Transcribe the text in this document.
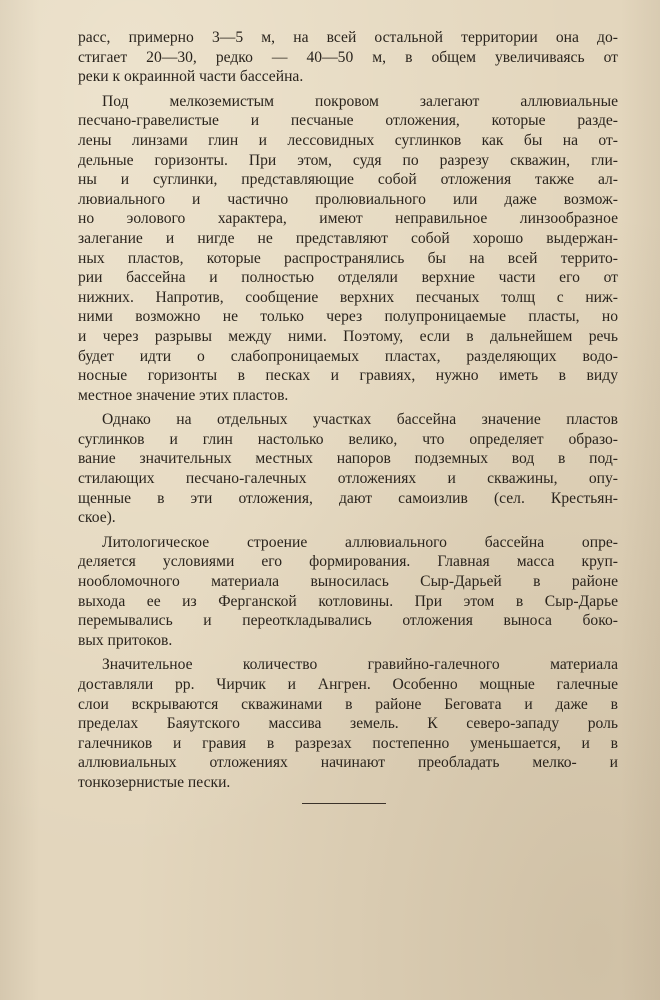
расс, примерно 3—5 м, на всей остальной территории она до-
стигает 20—30, редко — 40—50 м, в общем увеличиваясь от
реки к окраинной части бассейна.
Под мелкоземистым покровом залегают аллювиальные
песчано-гравелистые и песчаные отложения, которые разде-
лены линзами глин и лессовидных суглинков как бы на от-
дельные горизонты. При этом, судя по разрезу скважин, гли-
ны и суглинки, представляющие собой отложения также ал-
лювиального и частично пролювиального или даже возмож-
но эолового характера, имеют неправильное линзообразное
залегание и нигде не представляют собой хорошо выдержан-
ных пластов, которые распространялись бы на всей террито-
рии бассейна и полностью отделяли верхние части его от
нижних. Напротив, сообщение верхних песчаных толщ с ниж-
ними возможно не только через полупроницаемые пласты, но
и через разрывы между ними. Поэтому, если в дальнейшем речь
будет идти о слабопроницаемых пластах, разделяющих водо-
носные горизонты в песках и гравиях, нужно иметь в виду
местное значение этих пластов.
Однако на отдельных участках бассейна значение пластов
суглинков и глин настолько велико, что определяет образо-
вание значительных местных напоров подземных вод в под-
стилающих песчано-галечных отложениях и скважины, опу-
щенные в эти отложения, дают самоизлив (сел. Крестьян-
ское).
Литологическое строение аллювиального бассейна опре-
деляется условиями его формирования. Главная масса круп-
нообломочного материала выносилась Сыр-Дарьей в районе
выхода ее из Ферганской котловины. При этом в Сыр-Дарье
перемывались и переоткладывались отложения выноса боко-
вых притоков.
Значительное количество гравийно-галечного материала
доставляли рр. Чирчик и Ангрен. Особенно мощные галечные
слои вскрываются скважинами в районе Беговата и даже в
пределах Баяутского массива земель. К северо-западу роль
галечников и гравия в разрезах постепенно уменьшается, и в
аллювиальных отложениях начинают преобладать мелко- и
тонкозернистые пески.
